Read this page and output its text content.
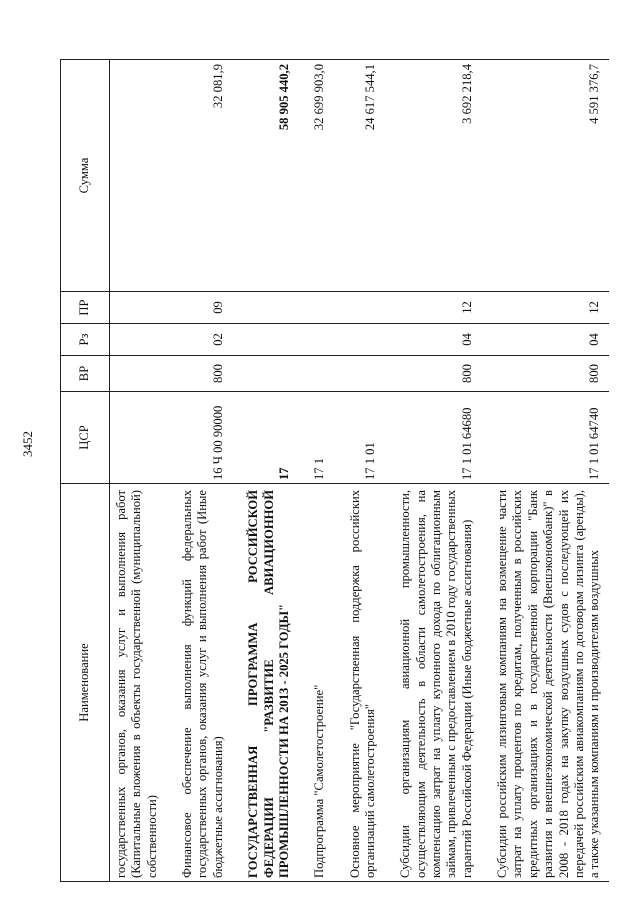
3452
Наименование	ЦСР	ВР	Рз	ПР	Сумма
государственных органов, оказания услуг и выполнения работ (Капитальные вложения в объекты государственной (муниципальной) собственности)					
Финансовое обеспечение выполнения функций федеральных государственных органов, оказания услуг и выполнения работ (Иные бюджетные ассигнования)	16 Ч 00 90000	800	02	09	32 081,9
ГОСУДАРСТВЕННАЯ ПРОГРАММА РОССИЙСКОЙ ФЕДЕРАЦИИ "РАЗВИТИЕ АВИАЦИОННОЙ ПРОМЫШЛЕННОСТИ НА 2013 - 2025 ГОДЫ"	17				58 905 440,2
Подпрограмма "Самолетостроение"	17 1				32 699 903,0
Основное мероприятие "Государственная поддержка российских организаций самолетостроения"	17 1 01				24 617 544,1
Субсидии организациям авиационной промышленности, осуществляющим деятельность в области самолетостроения, на компенсацию затрат на уплату купонного дохода по облигационным займам, привлеченным с предоставлением в 2010 году государственных гарантий Российской Федерации (Иные бюджетные ассигнования)	17 1 01 64680	800	04	12	3 692 218,4
Субсидии российским лизинговым компаниям на возмещение части затрат на уплату процентов по кредитам, полученным в российских кредитных организациях и в государственной корпорации "Банк развития и внешнеэкономической деятельности (Внешэкономбанк)" в 2008 - 2018 годах на закупку воздушных судов с последующей их передачей российским авиакомпаниям по договорам лизинга (аренды), а также указанным компаниям и производителям воздушных	17 1 01 64740	800	04	12	4 591 376,7
